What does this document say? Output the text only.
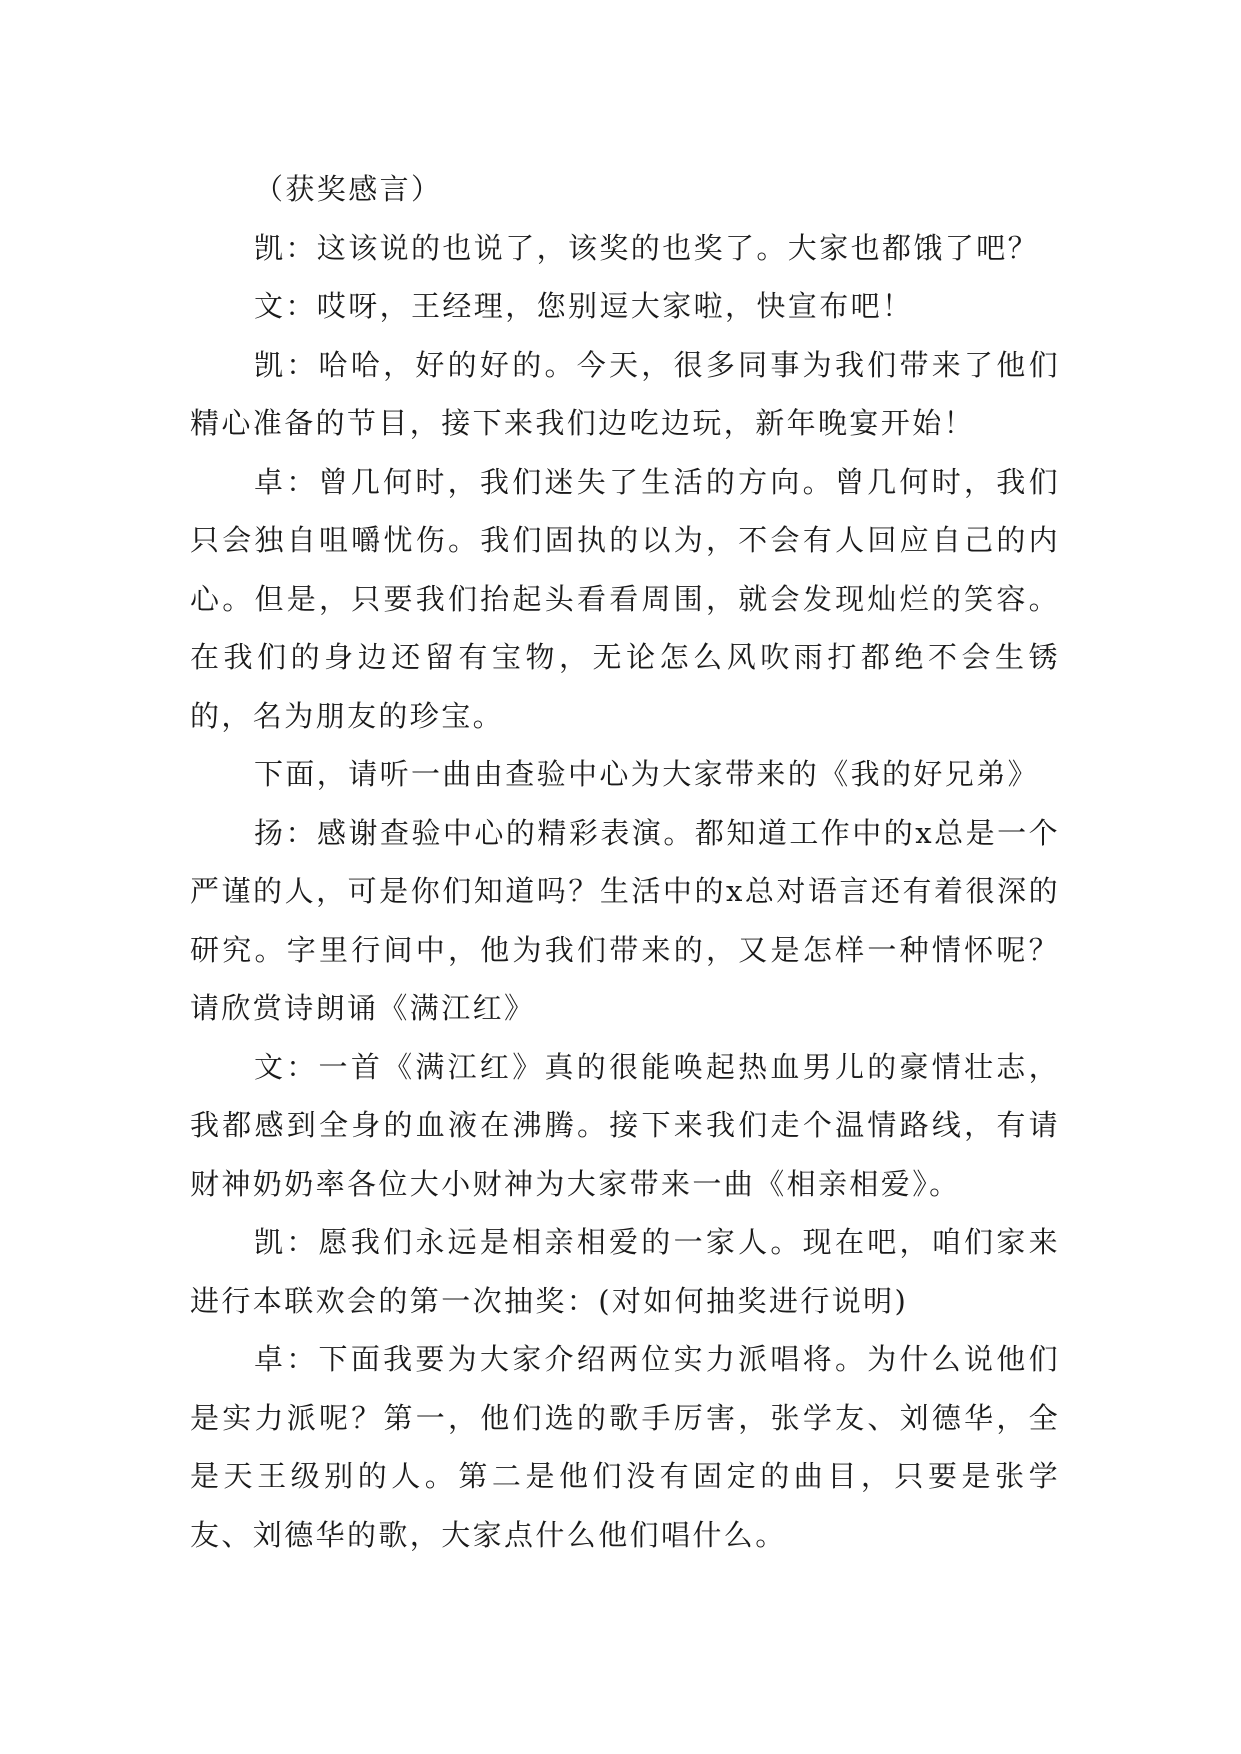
（获奖感言）

凯：这该说的也说了，该奖的也奖了。大家也都饿了吧？

文：哎呀，王经理，您别逗大家啦，快宣布吧！

凯：哈哈，好的好的。今天，很多同事为我们带来了他们精心准备的节目，接下来我们边吃边玩，新年晚宴开始！

卓：曾几何时，我们迷失了生活的方向。曾几何时，我们只会独自咀嚼忧伤。我们固执的以为，不会有人回应自己的内心。但是，只要我们抬起头看看周围，就会发现灿烂的笑容。在我们的身边还留有宝物，无论怎么风吹雨打都绝不会生锈的，名为朋友的珍宝。

下面，请听一曲由查验中心为大家带来的《我的好兄弟》

扬：感谢查验中心的精彩表演。都知道工作中的x总是一个严谨的人，可是你们知道吗？生活中的x总对语言还有着很深的研究。字里行间中，他为我们带来的，又是怎样一种情怀呢？请欣赏诗朗诵《满江红》

文：一首《满江红》真的很能唤起热血男儿的豪情壮志，我都感到全身的血液在沸腾。接下来我们走个温情路线，有请财神奶奶率各位大小财神为大家带来一曲《相亲相爱》。

凯：愿我们永远是相亲相爱的一家人。现在吧，咱们家来进行本联欢会的第一次抽奖：(对如何抽奖进行说明)

卓：下面我要为大家介绍两位实力派唱将。为什么说他们是实力派呢？第一，他们选的歌手厉害，张学友、刘德华，全是天王级别的人。第二是他们没有固定的曲目，只要是张学友、刘德华的歌，大家点什么他们唱什么。
